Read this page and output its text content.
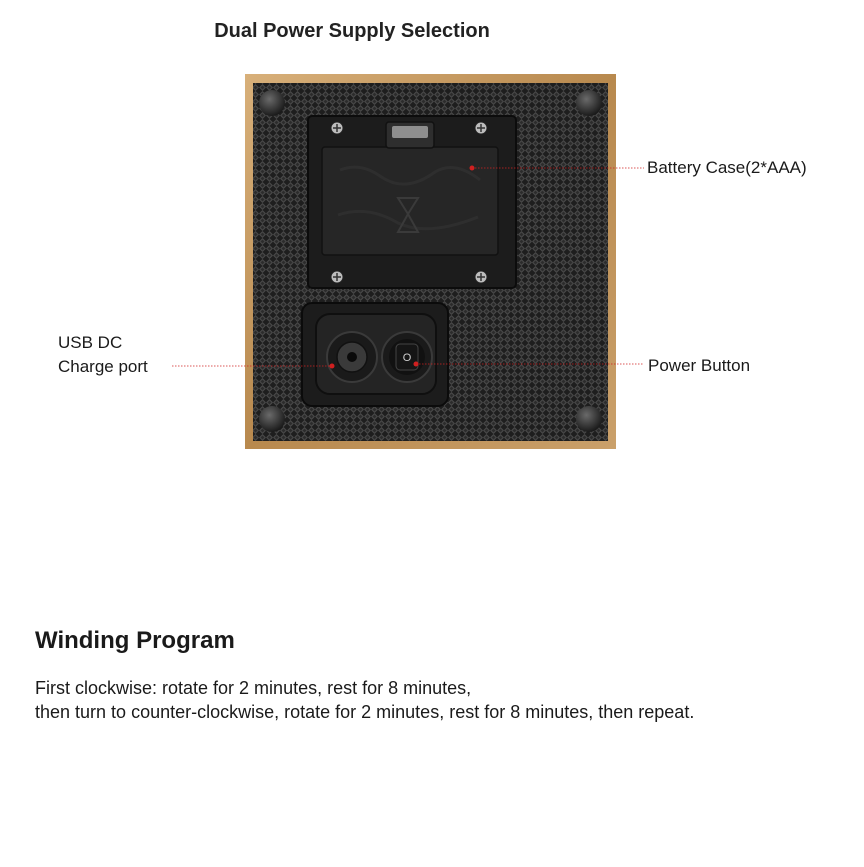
Dual Power Supply Selection
O
Battery Case(2*AAA)
USB DC
Charge port	Power Button
Winding Program
First clockwise: rotate for 2 minutes, rest for 8 minutes,
then turn to counter-clockwise, rotate for 2 minutes, rest for 8 minutes, then repeat.
